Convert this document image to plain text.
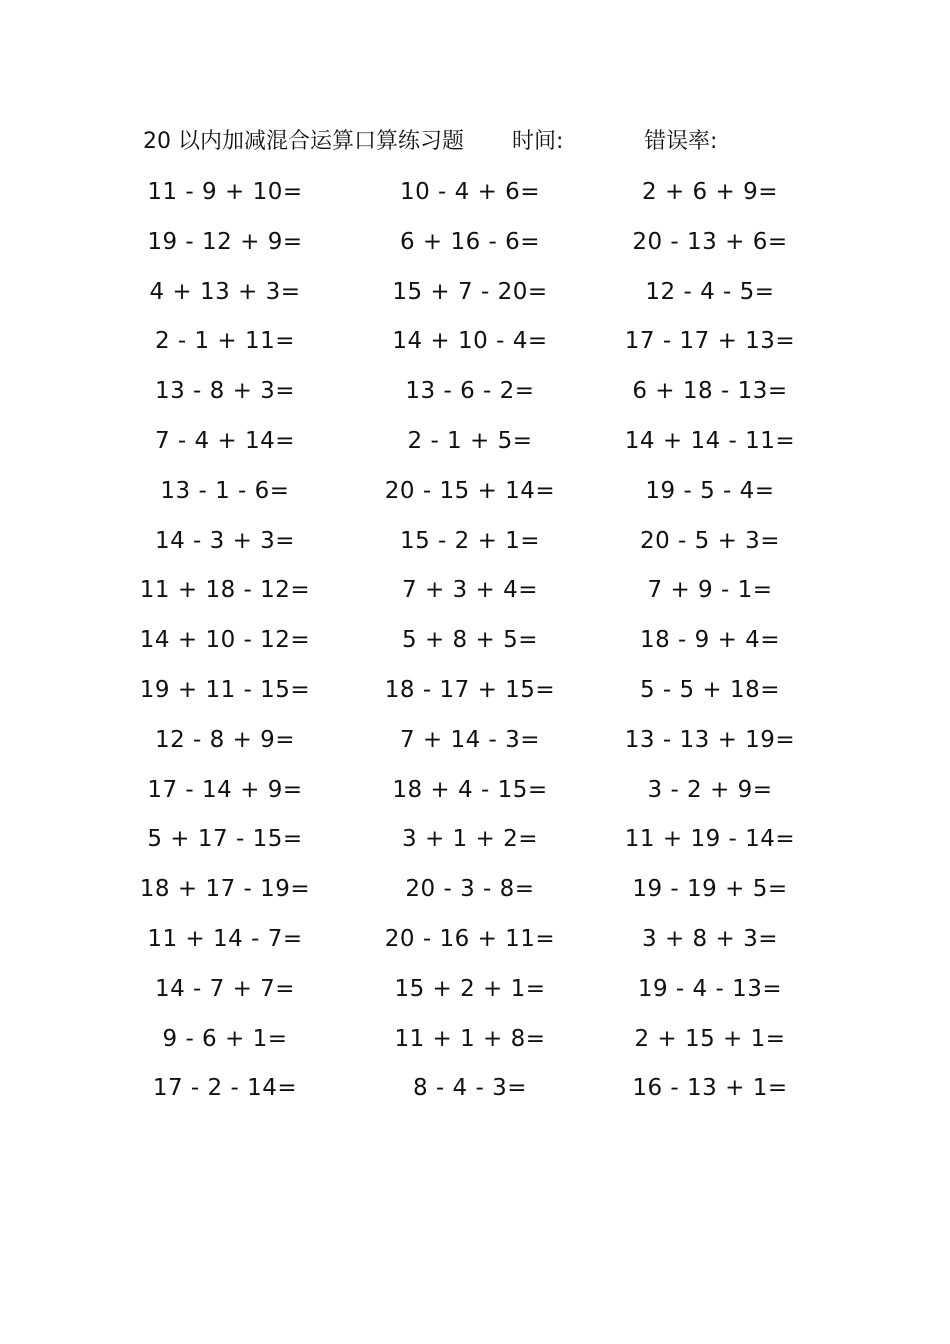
20 以内加减混合运算口算练习题 时间:	错误率:
11 - 9 + 10=	10 - 4 + 6=	2 + 6 + 9=
19 - 12 + 9=	6 + 16 - 6=	20 - 13 + 6=
4 + 13 + 3=	15 + 7 - 20=	12 - 4 - 5=
2 - 1 + 11=	14 + 10 - 4=	17 - 17 + 13=
13 - 8 + 3=	13 - 6 - 2=	6 + 18 - 13=
7 - 4 + 14=	2 - 1 + 5=	14 + 14 - 11=
13 - 1 - 6=	20 - 15 + 14=	19 - 5 - 4=
14 - 3 + 3=	15 - 2 + 1=	20 - 5 + 3=
11 + 18 - 12=	7 + 3 + 4=	7 + 9 - 1=
14 + 10 - 12=	5 + 8 + 5=	18 - 9 + 4=
19 + 11 - 15=	18 - 17 + 15=	5 - 5 + 18=
12 - 8 + 9=	7 + 14 - 3=	13 - 13 + 19=
17 - 14 + 9=	18 + 4 - 15=	3 - 2 + 9=
5 + 17 - 15=	3 + 1 + 2=	11 + 19 - 14=
18 + 17 - 19=	20 - 3 - 8=	19 - 19 + 5=
11 + 14 - 7=	20 - 16 + 11=	3 + 8 + 3=
14 - 7 + 7=	15 + 2 + 1=	19 - 4 - 13=
9 - 6 + 1=	11 + 1 + 8=	2 + 15 + 1=
17 - 2 - 14=	8 - 4 - 3=	16 - 13 + 1=
